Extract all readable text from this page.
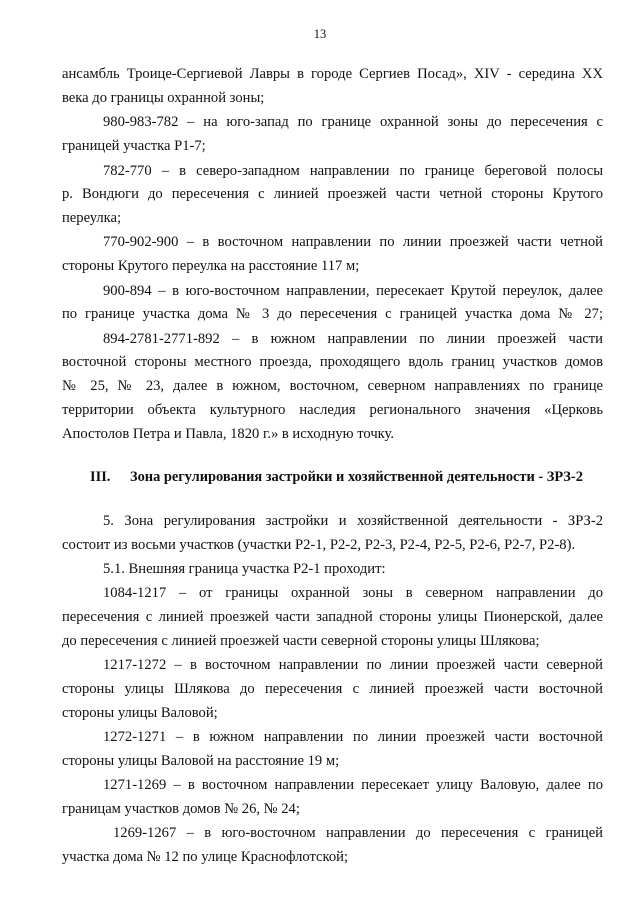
13
ансамбль Троице-Сергиевой Лавры в городе Сергиев Посад», XIV - середина XX
века до границы охранной зоны;
980-983-782 – на юго-запад по границе охранной зоны до пересечения с
границей участка Р1-7;
782-770 – в северо-западном направлении по границе береговой полосы
р. Вондюги до пересечения с линией проезжей части четной стороны Крутого
переулка;
770-902-900 – в восточном направлении по линии проезжей части четной
стороны Крутого переулка на расстояние 117 м;
900-894 – в юго-восточном направлении, пересекает Крутой переулок, далее
по границе участка дома № 3 до пересечения с границей участка дома № 27;
894-2781-2771-892 – в южном направлении по линии проезжей части
восточной стороны местного проезда, проходящего вдоль границ участков домов
№ 25, № 23, далее в южном, восточном, северном направлениях по границе
территории объекта культурного наследия регионального значения «Церковь
Апостолов Петра и Павла, 1820 г.» в исходную точку.
III. Зона регулирования застройки и хозяйственной деятельности - ЗРЗ-2
5. Зона регулирования застройки и хозяйственной деятельности - ЗРЗ-2
состоит из восьми участков (участки Р2-1, Р2-2, Р2-3, Р2-4, Р2-5, Р2-6, Р2-7, Р2-8).
5.1. Внешняя граница участка Р2-1 проходит:
1084-1217 – от границы охранной зоны в северном направлении до
пересечения с линией проезжей части западной стороны улицы Пионерской, далее
до пересечения с линией проезжей части северной стороны улицы Шлякова;
1217-1272 – в восточном направлении по линии проезжей части северной
стороны улицы Шлякова до пересечения с линией проезжей части восточной
стороны улицы Валовой;
1272-1271 – в южном направлении по линии проезжей части восточной
стороны улицы Валовой на расстояние 19 м;
1271-1269 – в восточном направлении пересекает улицу Валовую, далее по
границам участков домов № 26, № 24;
1269-1267 – в юго-восточном направлении до пересечения с границей
участка дома № 12 по улице Краснофлотской;
